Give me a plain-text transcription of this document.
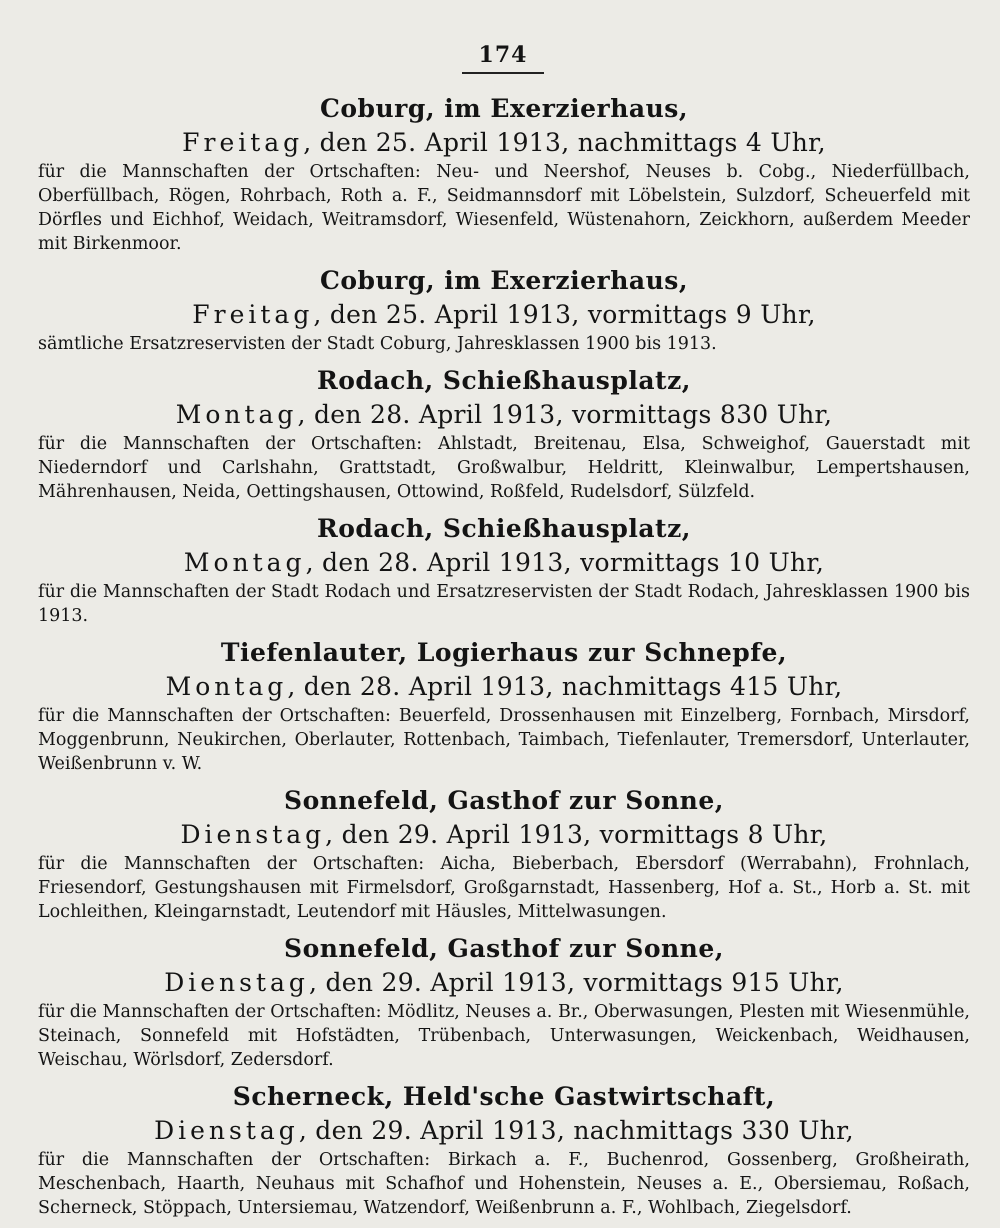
174

Coburg, im Exerzierhaus,

Freitag, den 25. April 1913, nachmittags 4 Uhr,

für die Mannschaften der Ortschaften: Neu- und Neershof, Neuses b. Cobg., Niederfüllbach, Oberfüllbach, Rögen, Rohrbach, Roth a. F., Seidmannsdorf mit Löbelstein, Sulzdorf, Scheuerfeld mit Dörfles und Eichhof, Weidach, Weitramsdorf, Wiesenfeld, Wüstenahorn, Zeickhorn, außerdem Meeder mit Birkenmoor.

Coburg, im Exerzierhaus,

Freitag, den 25. April 1913, vormittags 9 Uhr,

sämtliche Ersatzreservisten der Stadt Coburg, Jahresklassen 1900 bis 1913.

Rodach, Schießhausplatz,

Montag, den 28. April 1913, vormittags 830 Uhr,

für die Mannschaften der Ortschaften: Ahlstadt, Breitenau, Elsa, Schweighof, Gauerstadt mit Niederndorf und Carlshahn, Grattstadt, Großwalbur, Heldritt, Kleinwalbur, Lempertshausen, Mährenhausen, Neida, Oettingshausen, Ottowind, Roßfeld, Rudelsdorf, Sülzfeld.

Rodach, Schießhausplatz,

Montag, den 28. April 1913, vormittags 10 Uhr,

für die Mannschaften der Stadt Rodach und Ersatzreservisten der Stadt Rodach, Jahresklassen 1900 bis 1913.

Tiefenlauter, Logierhaus zur Schnepfe,

Montag, den 28. April 1913, nachmittags 415 Uhr,

für die Mannschaften der Ortschaften: Beuerfeld, Drossenhausen mit Einzelberg, Fornbach, Mirsdorf, Moggenbrunn, Neukirchen, Oberlauter, Rottenbach, Taimbach, Tiefenlauter, Tremersdorf, Unterlauter, Weißenbrunn v. W.

Sonnefeld, Gasthof zur Sonne,

Dienstag, den 29. April 1913, vormittags 8 Uhr,

für die Mannschaften der Ortschaften: Aicha, Bieberbach, Ebersdorf (Werrabahn), Frohnlach, Friesendorf, Gestungshausen mit Firmelsdorf, Großgarnstadt, Hassenberg, Hof a. St., Horb a. St. mit Lochleithen, Kleingarnstadt, Leutendorf mit Häusles, Mittelwasungen.

Sonnefeld, Gasthof zur Sonne,

Dienstag, den 29. April 1913, vormittags 915 Uhr,

für die Mannschaften der Ortschaften: Mödlitz, Neuses a. Br., Oberwasungen, Plesten mit Wiesenmühle, Steinach, Sonnefeld mit Hofstädten, Trübenbach, Unterwasungen, Weickenbach, Weidhausen, Weischau, Wörlsdorf, Zedersdorf.

Scherneck, Held'sche Gastwirtschaft,

Dienstag, den 29. April 1913, nachmittags 330 Uhr,

für die Mannschaften der Ortschaften: Birkach a. F., Buchenrod, Gossenberg, Großheirath, Meschenbach, Haarth, Neuhaus mit Schafhof und Hohenstein, Neuses a. E., Obersiemau, Roßach, Scherneck, Stöppach, Untersiemau, Watzendorf, Weißenbrunn a. F., Wohlbach, Ziegelsdorf.
